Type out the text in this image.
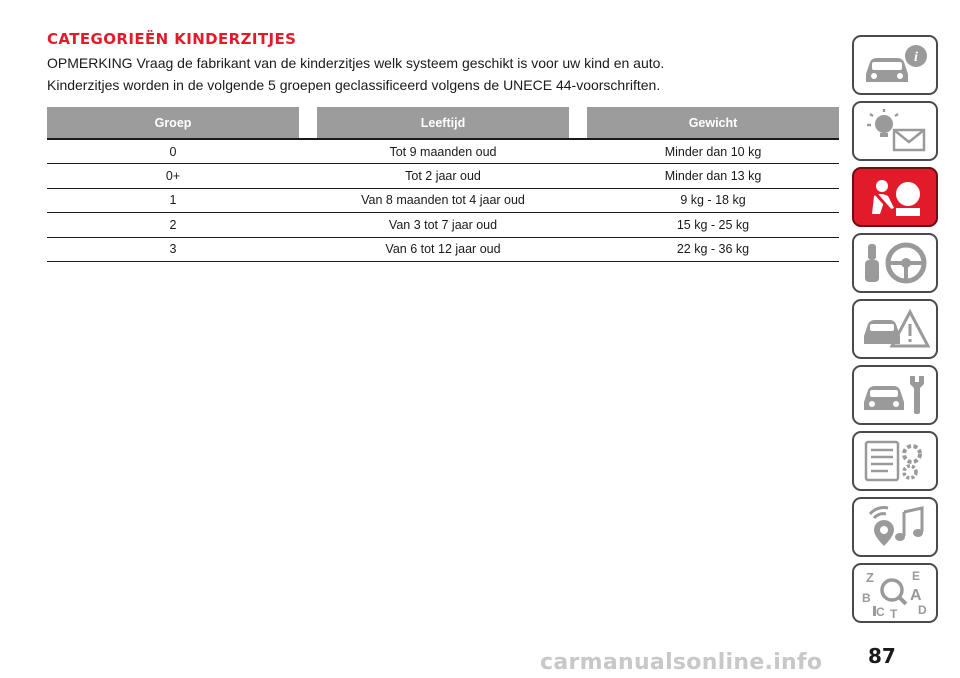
CATEGORIEËN KINDERZITJES

OPMERKING Vraag de fabrikant van de kinderzitjes welk systeem geschikt is voor uw kind en auto.

Kinderzitjes worden in de volgende 5 groepen geclassificeerd volgens de UNECE 44-voorschriften.

Groep		Leeftijd		Gewicht
0		Tot 9 maanden oud		Minder dan 10 kg
0+		Tot 2 jaar oud		Minder dan 13 kg
1		Van 8 maanden tot 4 jaar oud		9 kg - 18 kg
2		Van 3 tot 7 jaar oud		15 kg - 25 kg
3		Van 6 tot 12 jaar oud		22 kg - 36 kg
i
Z	E
B A
C	D
T
87
carmanualsonline.info
